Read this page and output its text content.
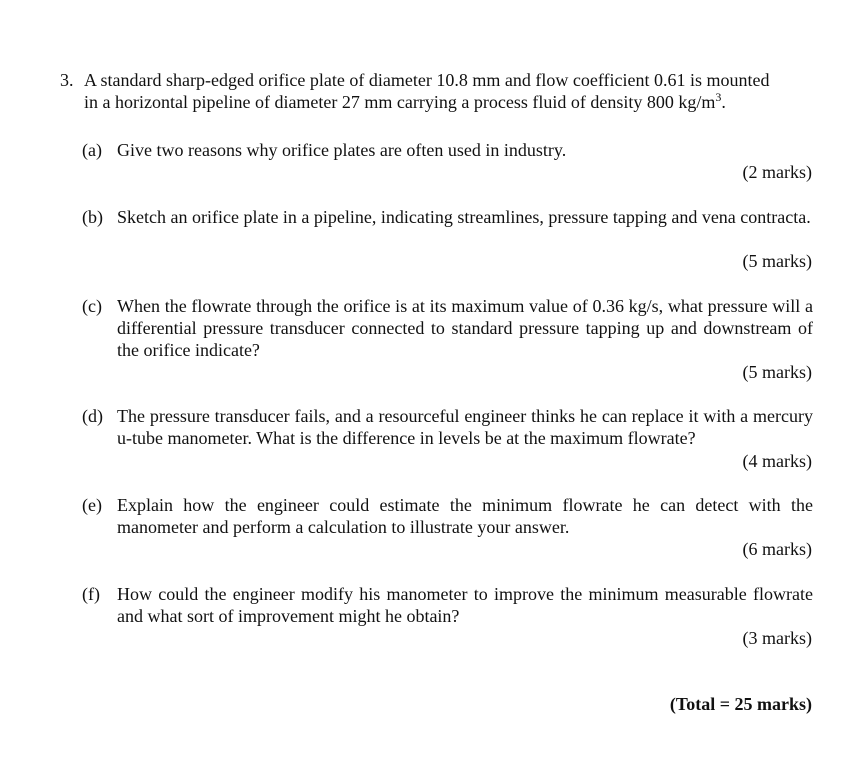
3. A standard sharp-edged orifice plate of diameter 10.8 mm and flow coefficient 0.61 is mounted
in a horizontal pipeline of diameter 27 mm carrying a process fluid of density 800 $kg/m^3$.
(a) Give two reasons why orifice plates are often used in industry.
(2 marks)
(b) Sketch an orifice plate in a pipeline, indicating streamlines, pressure tapping and vena contracta.
(5 marks)
(c) When the flowrate through the orifice is at its maximum value of 0.36 kg/s, what pressure will a differential pressure transducer connected to standard pressure tapping up and downstream of the orifice indicate?
(5 marks)
(d) The pressure transducer fails, and a resourceful engineer thinks he can replace it with a mercury u-tube manometer. What is the difference in levels be at the maximum flowrate?
(4 marks)
(e) Explain how the engineer could estimate the minimum flowrate he can detect with the manometer and perform a calculation to illustrate your answer.
(6 marks)
(f) How could the engineer modify his manometer to improve the minimum measurable flowrate and what sort of improvement might he obtain?
(3 marks)
(Total = 25 marks)
